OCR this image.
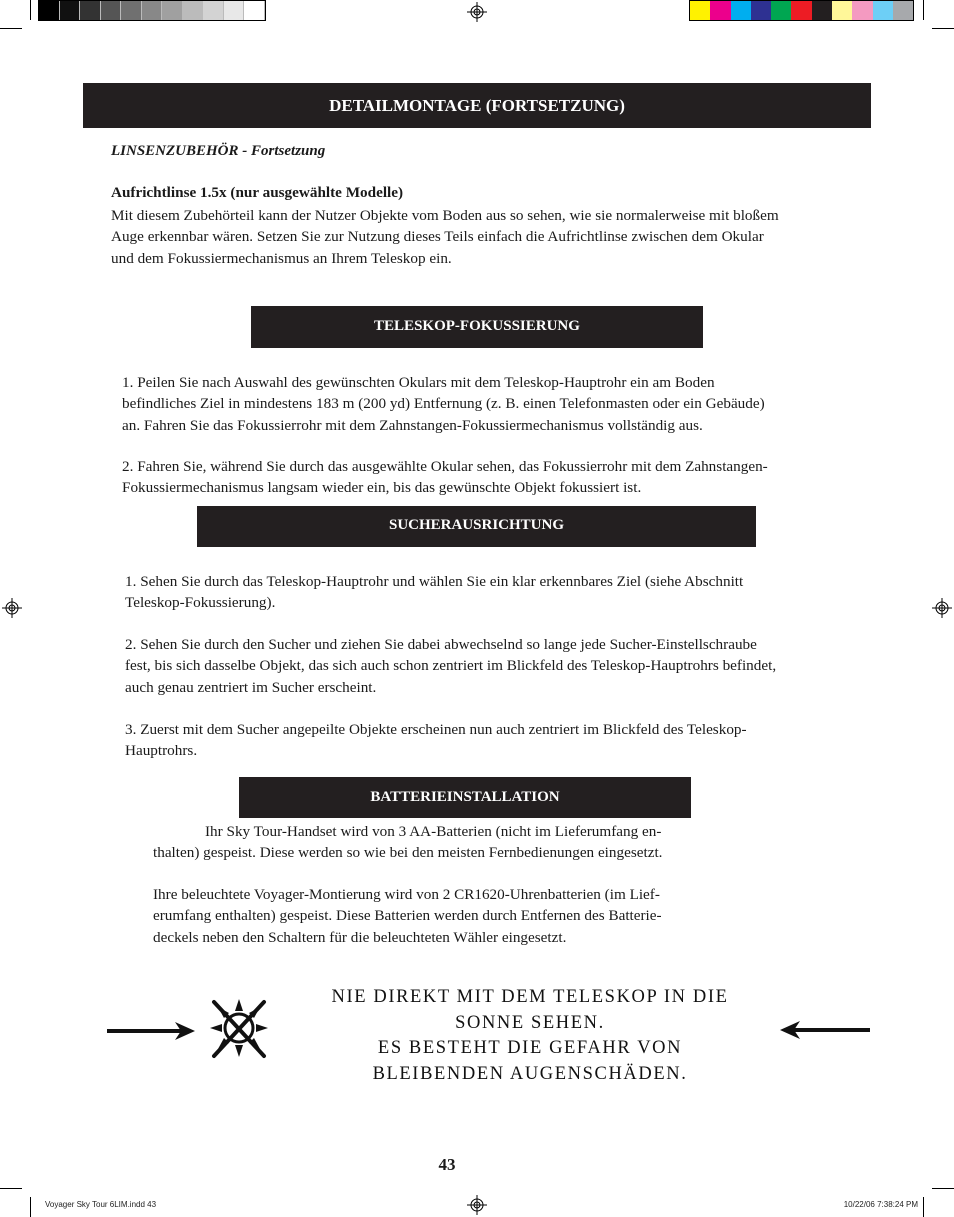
DETAILMONTAGE (FORTSETZUNG)
LINSENZUBEHÖR - Fortsetzung
Aufrichtlinse 1.5x (nur ausgewählte Modelle)
Mit diesem Zubehörteil kann der Nutzer Objekte vom Boden aus so sehen, wie sie normalerweise mit bloßem
Auge erkennbar wären. Setzen Sie zur Nutzung dieses Teils einfach die Aufrichtlinse zwischen dem Okular
und dem Fokussiermechanismus an Ihrem Teleskop ein.
TELESKOP-FOKUSSIERUNG
1. Peilen Sie nach Auswahl des gewünschten Okulars mit dem Teleskop-Hauptrohr ein am Boden
befindliches Ziel in mindestens 183 m (200 yd) Entfernung (z. B. einen Telefonmasten oder ein Gebäude)
an. Fahren Sie das Fokussierrohr mit dem Zahnstangen-Fokussiermechanismus vollständig aus.
2. Fahren Sie, während Sie durch das ausgewählte Okular sehen, das Fokussierrohr mit dem Zahnstangen-
Fokussiermechanismus langsam wieder ein, bis das gewünschte Objekt fokussiert ist.
SUCHERAUSRICHTUNG
1. Sehen Sie durch das Teleskop-Hauptrohr und wählen Sie ein klar erkennbares Ziel (siehe Abschnitt
Teleskop-Fokussierung).
2. Sehen Sie durch den Sucher und ziehen Sie dabei abwechselnd so lange jede Sucher-Einstellschraube
fest, bis sich dasselbe Objekt, das sich auch schon zentriert im Blickfeld des Teleskop-Hauptrohrs befindet,
auch genau zentriert im Sucher erscheint.
3. Zuerst mit dem Sucher angepeilte Objekte erscheinen nun auch zentriert im Blickfeld des Teleskop-
Hauptrohrs.
BATTERIEINSTALLATION
Ihr Sky Tour-Handset wird von 3 AA-Batterien (nicht im Lieferumfang en-
thalten) gespeist. Diese werden so wie bei den meisten Fernbedienungen eingesetzt.
Ihre beleuchtete Voyager-Montierung wird von 2 CR1620-Uhrenbatterien (im Lief-
erumfang enthalten) gespeist. Diese Batterien werden durch Entfernen des Batterie-
deckels neben den Schaltern für die beleuchteten Wähler eingesetzt.
NIE DIREKT MIT DEM TELESKOP IN DIE
SONNE SEHEN.
ES BESTEHT DIE GEFAHR VON
BLEIBENDEN AUGENSCHÄDEN.
43
Voyager Sky Tour 6LIM.indd 43	10/22/06 7:38:24 PM
